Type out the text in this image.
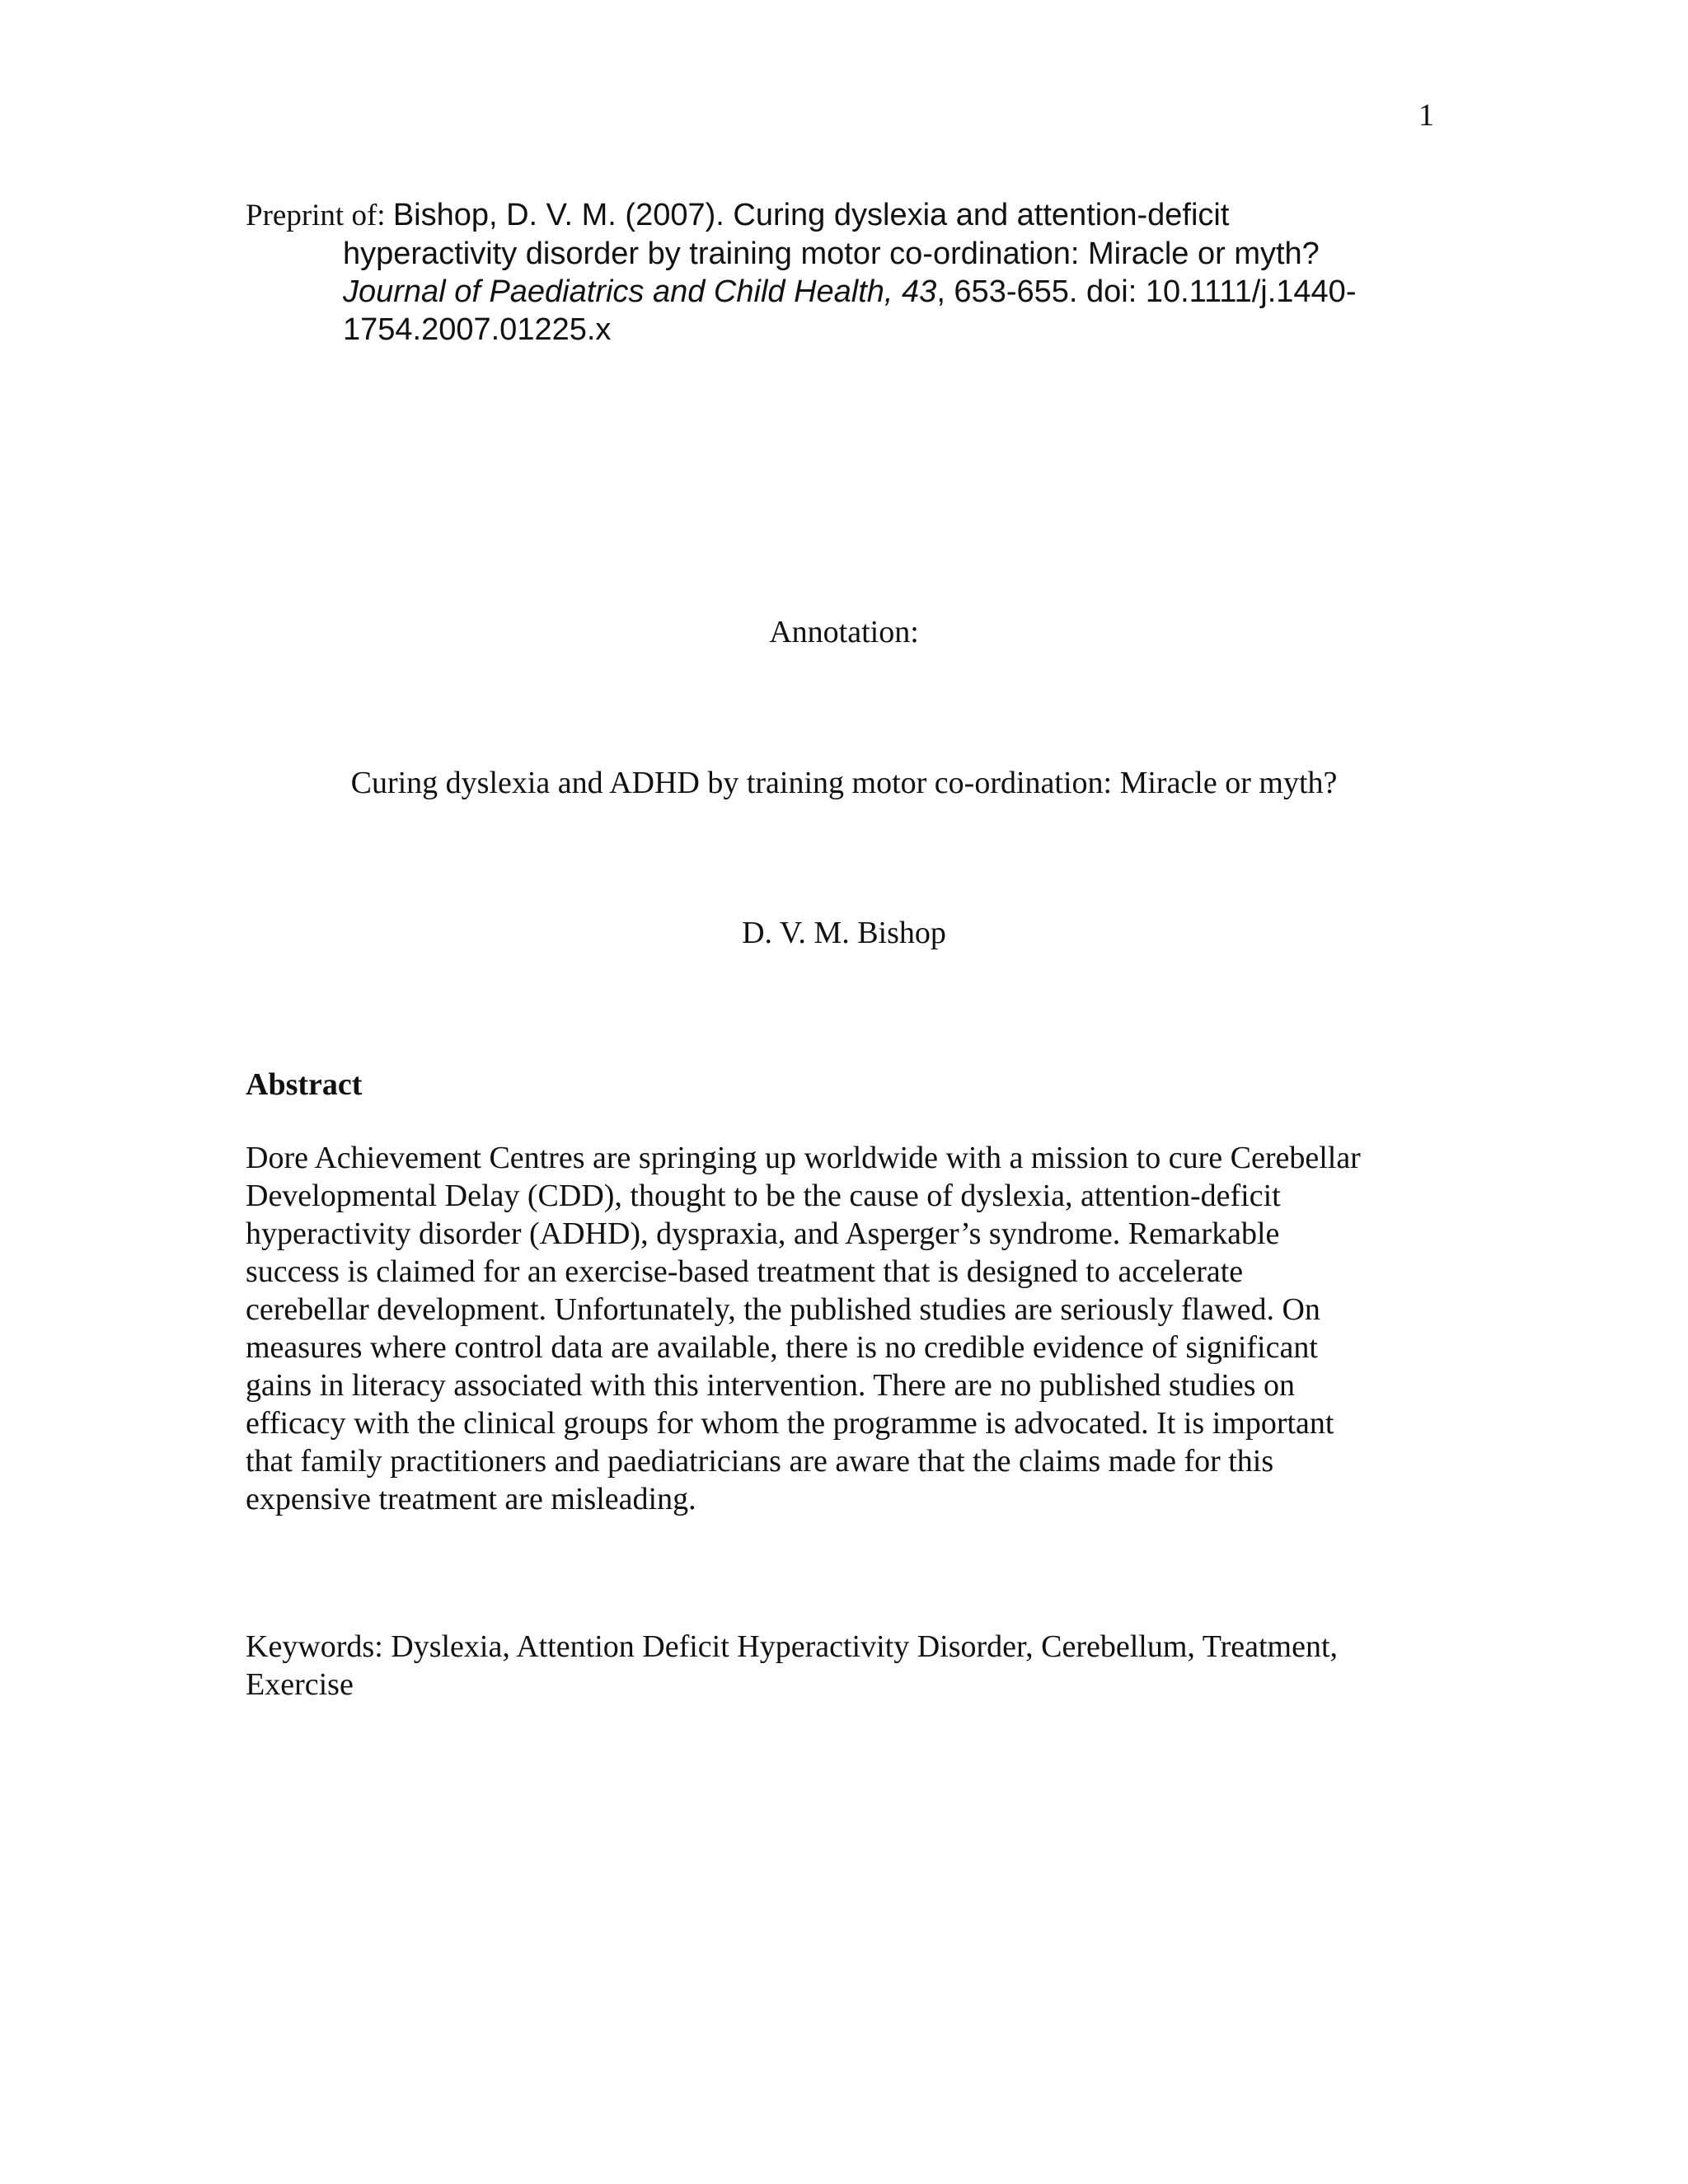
1
Preprint of: Bishop, D. V. M. (2007). Curing dyslexia and attention-deficit
hyperactivity disorder by training motor co-ordination: Miracle or myth?
Journal of Paediatrics and Child Health, 43, 653-655. doi: 10.1111/j.1440-
1754.2007.01225.x
Annotation:
Curing dyslexia and ADHD by training motor co-ordination: Miracle or myth?
D. V. M. Bishop
Abstract
Dore Achievement Centres are springing up worldwide with a mission to cure Cerebellar
Developmental Delay (CDD), thought to be the cause of dyslexia, attention-deficit
hyperactivity disorder (ADHD), dyspraxia, and Asperger’s syndrome. Remarkable
success is claimed for an exercise-based treatment that is designed to accelerate
cerebellar development. Unfortunately, the published studies are seriously flawed. On
measures where control data are available, there is no credible evidence of significant
gains in literacy associated with this intervention. There are no published studies on
efficacy with the clinical groups for whom the programme is advocated. It is important
that family practitioners and paediatricians are aware that the claims made for this
expensive treatment are misleading.
Keywords: Dyslexia, Attention Deficit Hyperactivity Disorder, Cerebellum, Treatment,
Exercise
